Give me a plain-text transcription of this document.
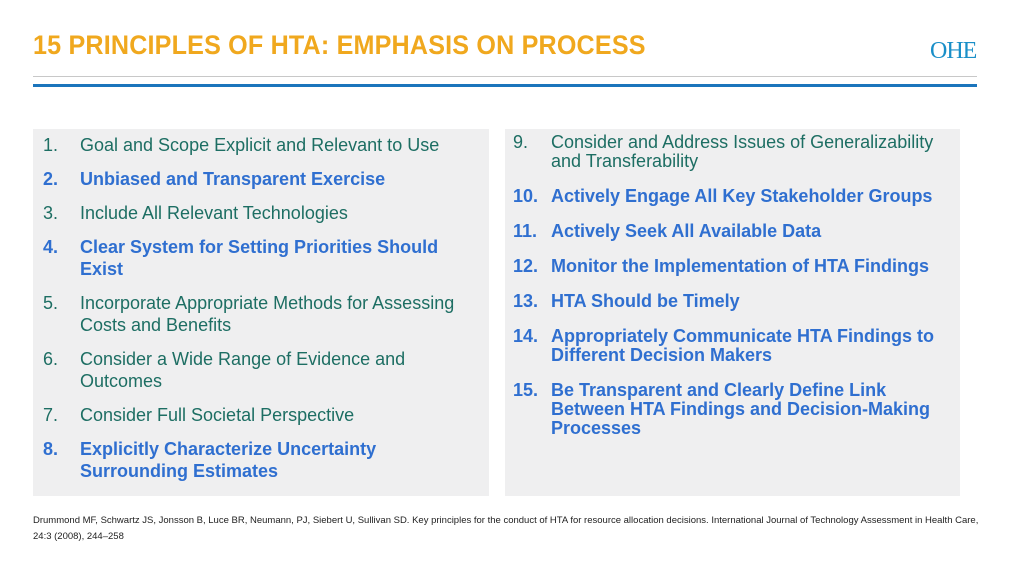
15 PRINCIPLES OF HTA: EMPHASIS ON PROCESS	OHE
1.	Goal and Scope Explicit and Relevant to Use
2.	Unbiased and Transparent Exercise
3.	Include All Relevant Technologies
4.	Clear System for Setting Priorities Should Exist
5.	Incorporate Appropriate Methods for Assessing Costs and Benefits
6.	Consider a Wide Range of Evidence and Outcomes
7.	Consider Full Societal Perspective
8.	Explicitly Characterize Uncertainty Surrounding Estimates
9.	Consider and Address Issues of Generalizability and Transferability
10. Actively Engage All Key Stakeholder Groups
11. Actively Seek All Available Data
12. Monitor the Implementation of HTA Findings
13. HTA Should be Timely
14. Appropriately Communicate HTA Findings to Different Decision Makers
15. Be Transparent and Clearly Define Link Between HTA Findings and Decision-Making Processes
Drummond MF, Schwartz JS, Jonsson B, Luce BR, Neumann, PJ, Siebert U, Sullivan SD. Key principles for the conduct of HTA for resource allocation decisions. International Journal of Technology Assessment in Health Care, 24:3 (2008), 244–258
